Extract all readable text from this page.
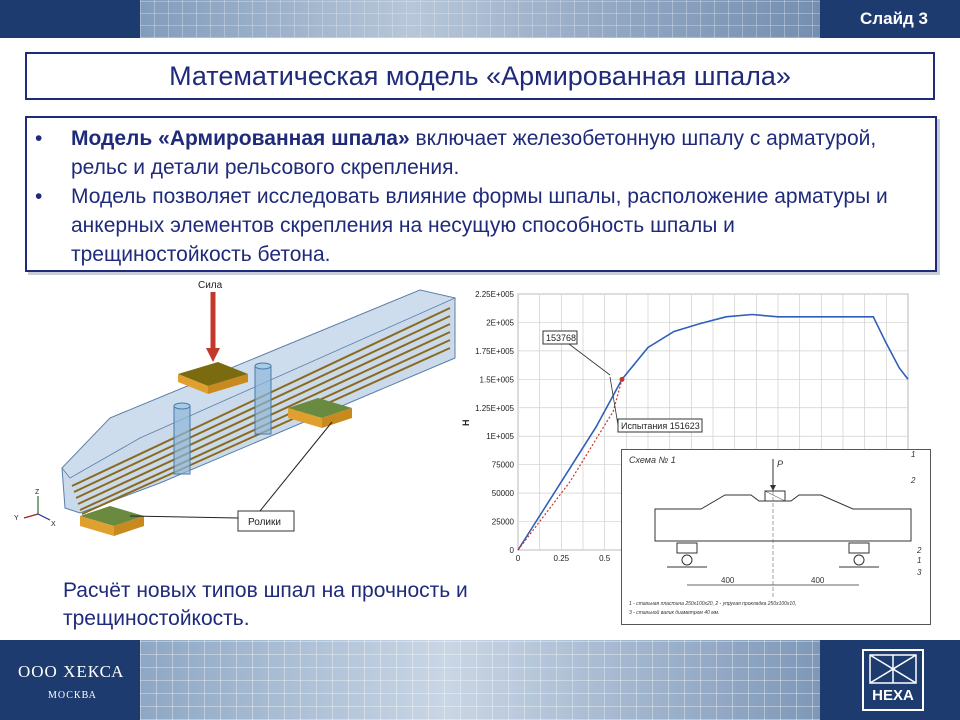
Слайд 3
Математическая модель «Армированная шпала»
• Модель «Армированная шпала» включает железобетонную шпалу с арматурой, рельс и детали рельсового скрепления.
• Модель позволяет исследовать влияние формы шпалы, расположение арматуры и анкерных элементов скрепления на несущую способность шпалы и трещиностойкость бетона.
Сила
Ролики
Z
X
Y
0
25000
50000
75000
1E+005
1.25E+005
1.5E+005
1.75E+005
2E+005
2.25E+005
0	0.25	0.5
Н
153768
Испытания 151623
Схема № 1	P
400	400
1
2
2
1
3
1 - стальная пластина 250х100х20, 2 - упругая прокладка 250х100х10,
3 - стальной валик диаметром 40 мм.
Расчёт новых типов шпал на прочность и трещиностойкость.
ООО ХЕКСА
МОСКВА	HEXA
